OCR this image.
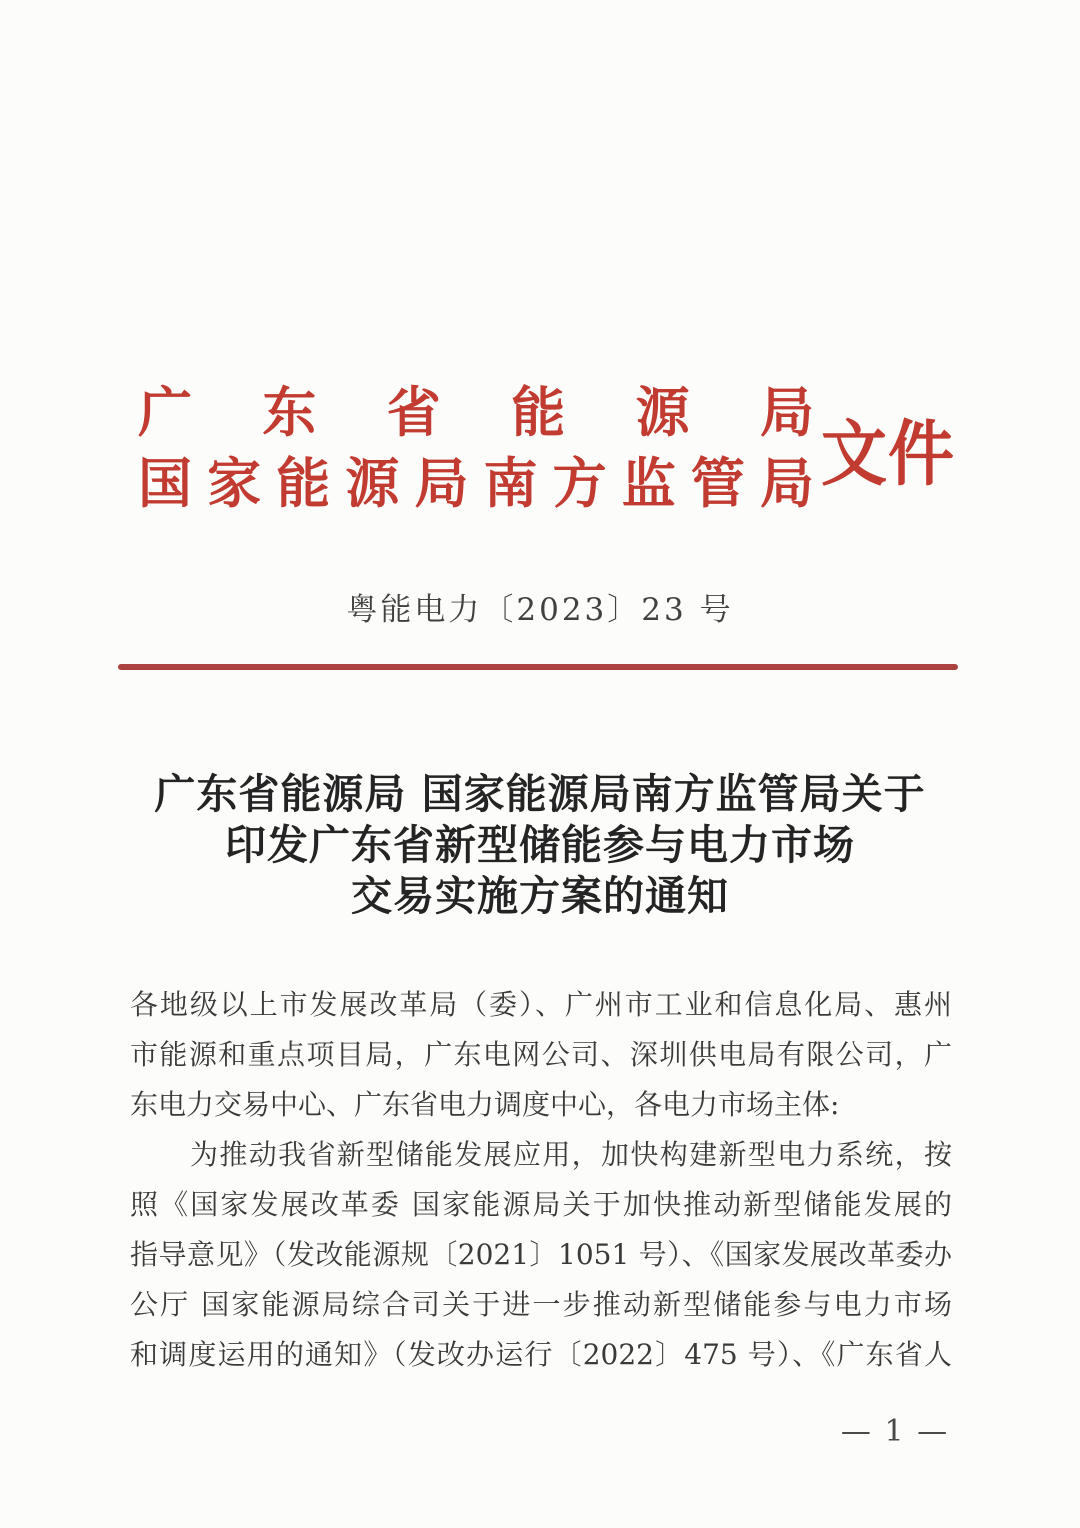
广东省能源局
国家能源局南方监管局 文件
粤能电力〔2023〕23 号
广东省能源局 国家能源局南方监管局关于
印发广东省新型储能参与电力市场
交易实施方案的通知
各地级以上市发展改革局（委）、广州市工业和信息化局、惠州
市能源和重点项目局，广东电网公司、深圳供电局有限公司，广
东电力交易中心、广东省电力调度中心，各电力市场主体:
为推动我省新型储能发展应用，加快构建新型电力系统，按
照《国家发展改革委 国家能源局关于加快推动新型储能发展的
指导意见》（发改能源规〔2021〕1051 号）、《国家发展改革委办
公厅 国家能源局综合司关于进一步推动新型储能参与电力市场
和调度运用的通知》（发改办运行〔2022〕475 号）、《广东省人
— 1 —
